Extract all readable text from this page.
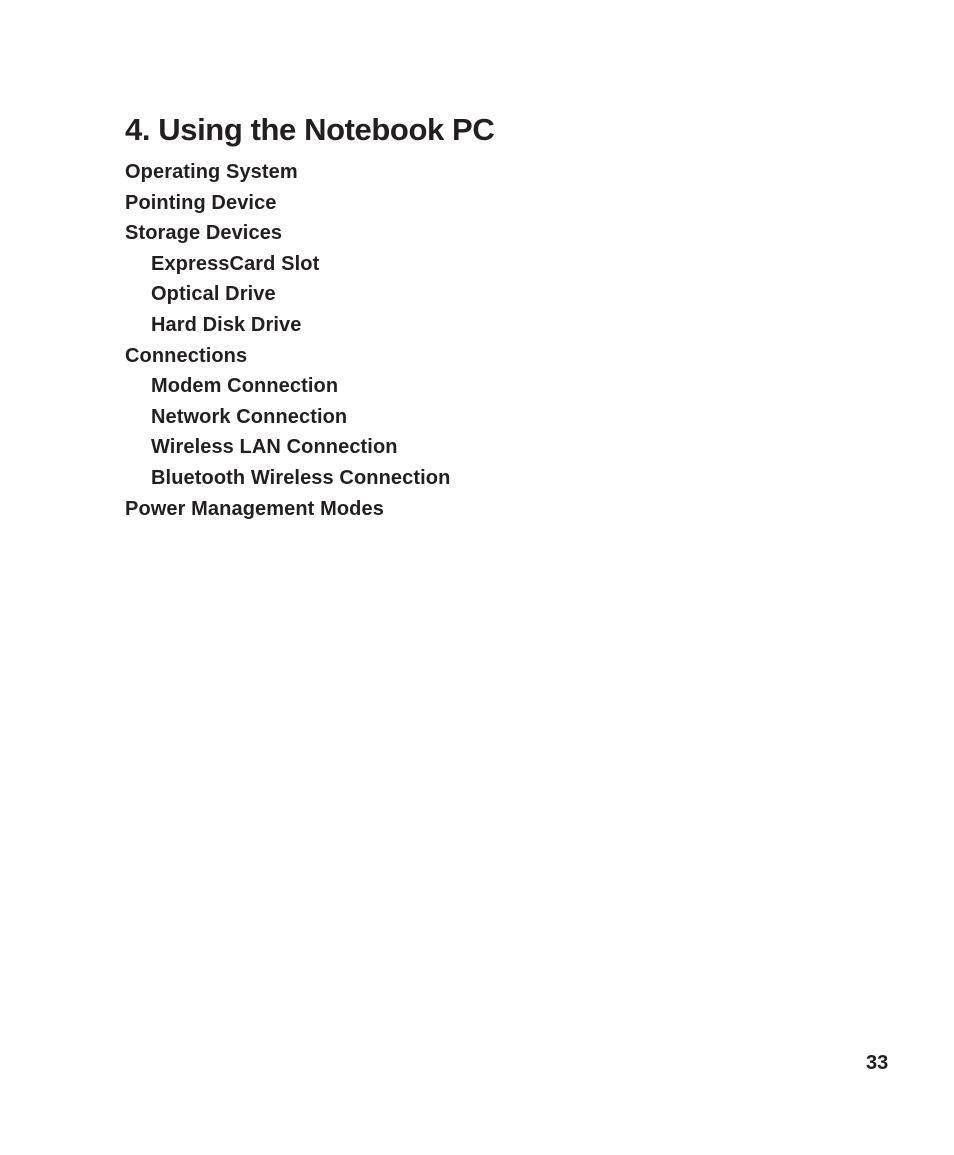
4. Using the Notebook PC
Operating System
Pointing Device
Storage Devices
ExpressCard Slot
Optical Drive
Hard Disk Drive
Connections
Modem Connection
Network Connection
Wireless LAN Connection
Bluetooth Wireless Connection
Power Management Modes
33
